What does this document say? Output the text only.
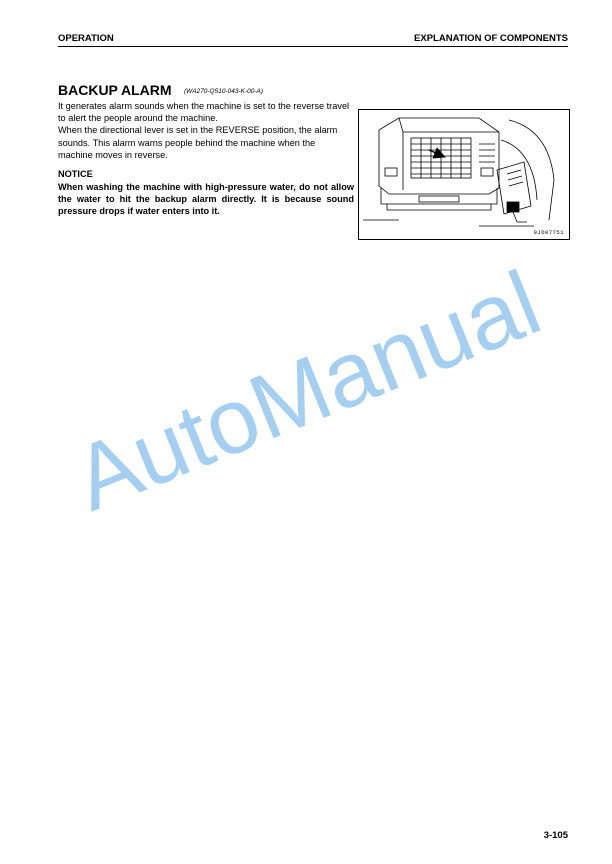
OPERATION	EXPLANATION OF COMPONENTS
BACKUP ALARM (WA270-Q510-043-K-00-A)

It generates alarm sounds when the machine is set to the reverse travel to alert the people around the machine.

When the directional lever is set in the REVERSE position, the alarm sounds. This alarm warns people behind the machine when the machine moves in reverse.

NOTICE
When washing the machine with high-pressure water, do not allow the water to hit the backup alarm directly. It is because sound pressure drops if water enters into it.
9JD07751
AutoManual
3-105
